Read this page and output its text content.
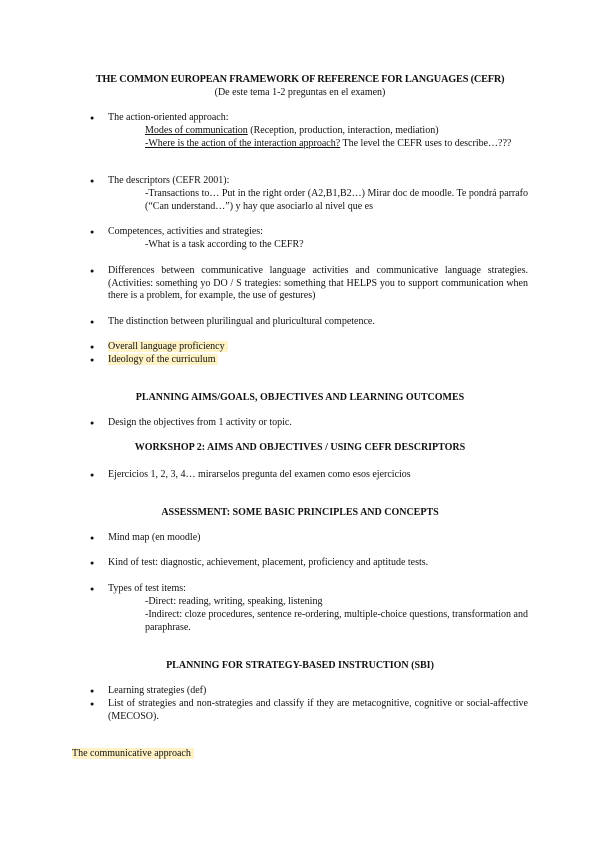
THE COMMON EUROPEAN FRAMEWORK OF REFERENCE FOR LANGUAGES (CEFR)
(De este tema 1-2 preguntas en el examen)
● The action-oriented approach:
Modes of communication (Reception, production, interaction, mediation)
-Where is the action of the interaction approach? The level the CEFR uses to describe…???
● The descriptors (CEFR 2001):
-Transactions to… Put in the right order (A2,B1,B2…) Mirar doc de moodle. Te pondrá parrafo (“Can understand…”) y hay que asociarlo al nivel que es
● Competences, activities and strategies:
-What is a task according to the CEFR?
● Differences between communicative language activities and communicative language strategies. (Activities: something yo DO / S trategies: something that HELPS you to support communication when there is a problem, for example, the use of gestures)
● The distinction between plurilingual and pluricultural competence.
● Overall language proficiency
● Ideology of the curriculum
PLANNING AIMS/GOALS, OBJECTIVES AND LEARNING OUTCOMES
● Design the objectives from 1 activity or topic.
WORKSHOP 2: AIMS AND OBJECTIVES / USING CEFR DESCRIPTORS
● Ejercicios 1, 2, 3, 4… mirarselos pregunta del examen como esos ejercicios
ASSESSMENT: SOME BASIC PRINCIPLES AND CONCEPTS
● Mind map (en moodle)
● Kind of test: diagnostic, achievement, placement, proficiency and aptitude tests.
● Types of test items:
-Direct: reading, writing, speaking, listening
-Indirect: cloze procedures, sentence re-ordering, multiple-choice questions, transformation and paraphrase.
PLANNING FOR STRATEGY-BASED INSTRUCTION (SBI)
● Learning strategies (def)
● List of strategies and non-strategies and classify if they are metacognitive, cognitive or social-affective (MECOSO).
The communicative approach
